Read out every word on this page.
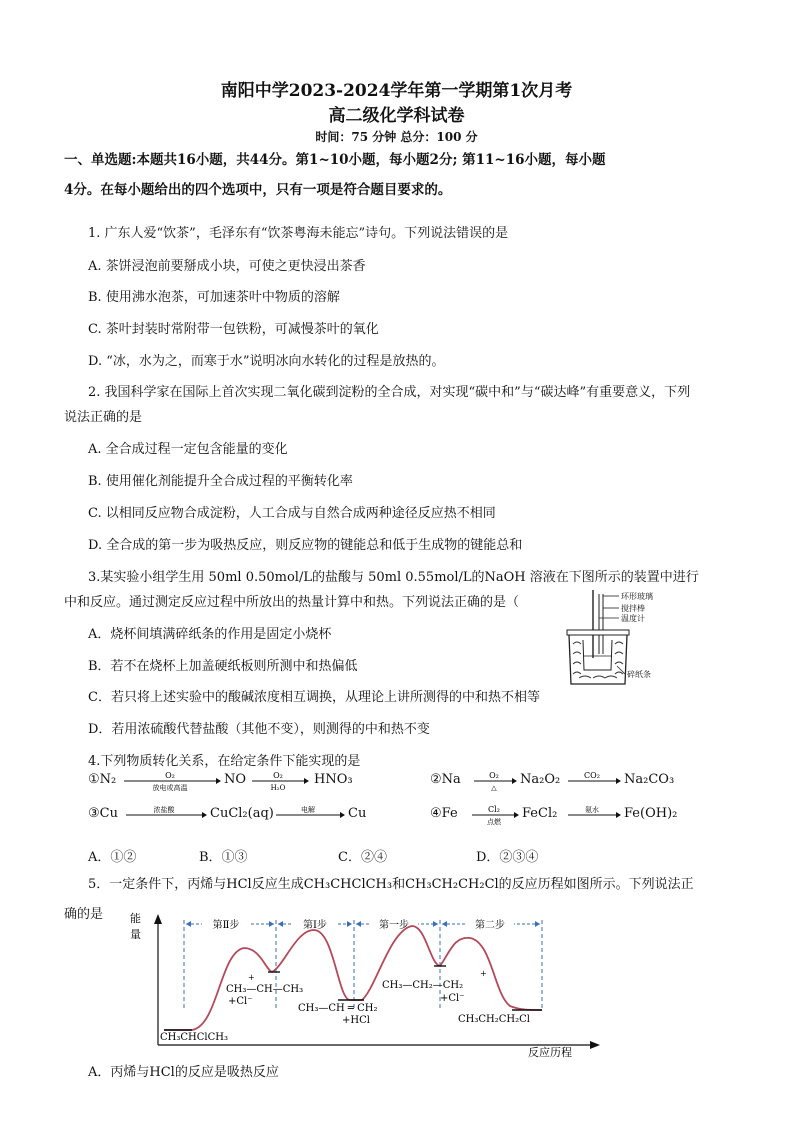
南阳中学2023-2024学年第一学期第1次月考
高二级化学科试卷
时间：75 分钟 总分：100 分
一、单选题:本题共16小题，共44分。第1~10小题，每小题2分; 第11~16小题，每小题
4分。在每小题给出的四个选项中，只有一项是符合题目要求的。
1. 广东人爱“饮茶”，毛泽东有“饮茶粤海未能忘”诗句。下列说法错误的是
A. 茶饼浸泡前要掰成小块，可使之更快浸出茶香
B. 使用沸水泡茶，可加速茶叶中物质的溶解
C. 茶叶封装时常附带一包铁粉，可减慢茶叶的氧化
D. “冰，水为之，而寒于水”说明冰向水转化的过程是放热的。
2. 我国科学家在国际上首次实现二氧化碳到淀粉的全合成，对实现“碳中和”与“碳达峰”有重要意义，下列
说法正确的是
A. 全合成过程一定包含能量的变化
B. 使用催化剂能提升全合成过程的平衡转化率
C. 以相同反应物合成淀粉，人工合成与自然合成两种途径反应热不相同
D. 全合成的第一步为吸热反应，则反应物的键能总和低于生成物的键能总和
3.某实验小组学生用 50ml 0.50mol/L的盐酸与 50ml 0.55mol/L的NaOH 溶液在下图所示的装置中进行
中和反应。通过测定反应过程中所放出的热量计算中和热。下列说法正确的是（
A．烧杯间填满碎纸条的作用是固定小烧杯
B．若不在烧杯上加盖硬纸板则所测中和热偏低
C．若只将上述实验中的酸碱浓度相互调换，从理论上讲所测得的中和热不相等
D．若用浓硫酸代替盐酸（其他不变），则测得的中和热不变
环形玻璃
搅拌棒
温度计
碎纸条
4.下列物质转化关系，在给定条件下能实现的是
①N₂	O₂
放电或高温
NO	O₂
H₂O
HNO₃	②Na	O₂
△
Na₂O₂	CO₂ Na₂CO₃
③Cu	浓盐酸	CuCl₂(aq)	电解	Cu	④Fe	Cl₂
点燃
FeCl₂	氨水 Fe(OH)₂
A．①②	B．①③	C．②④	D．②③④
5．一定条件下，丙烯与HCl反应生成CH₃CHClCH₃和CH₃CH₂CH₂Cl的反应历程如图所示。下列说法正
确的是 能
量
反应历程
第Ⅱ步	第Ⅰ步	第一步	第二步
+
CH₃—CH—CH₃
+Cl⁻
CH₃—CH ═ CH₂
+HCl
+
CH₃—CH₂—CH₂
+Cl⁻
CH₃CHClCH₃
CH₃CH₂CH₂Cl
A．丙烯与HCl的反应是吸热反应
